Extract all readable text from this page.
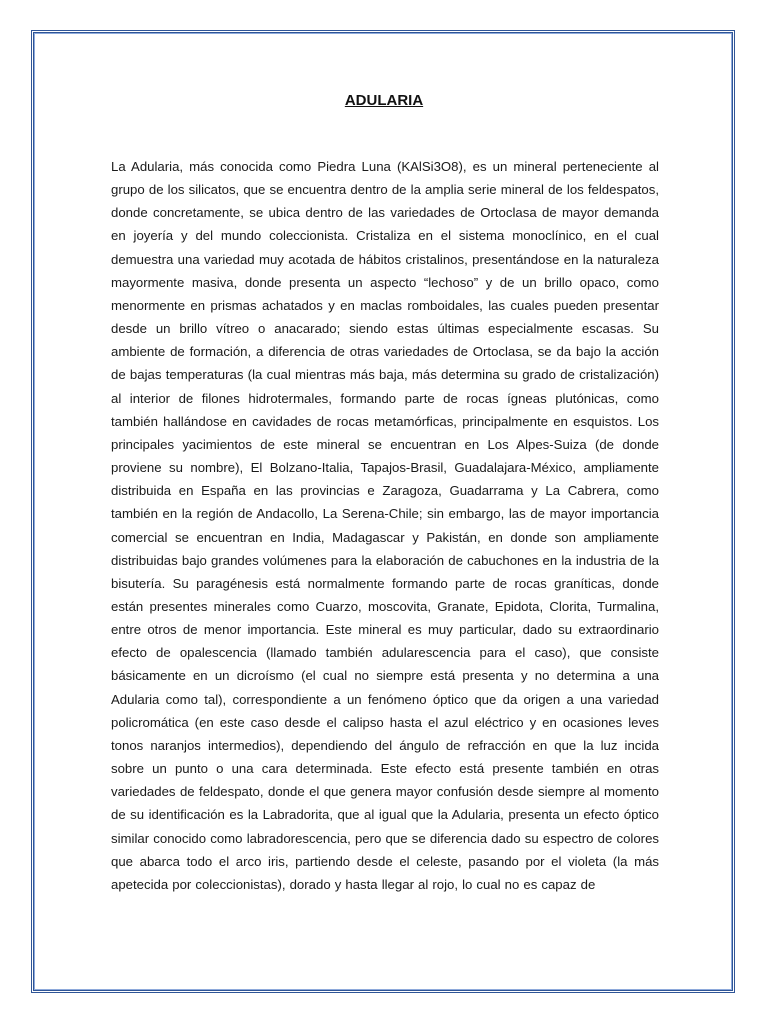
ADULARIA

La Adularia, más conocida como Piedra Luna (KAlSi3O8), es un mineral perteneciente al grupo de los silicatos, que se encuentra dentro de la amplia serie mineral de los feldespatos, donde concretamente, se ubica dentro de las variedades de Ortoclasa de mayor demanda en joyería y del mundo coleccionista. Cristaliza en el sistema monoclínico, en el cual demuestra una variedad muy acotada de hábitos cristalinos, presentándose en la naturaleza mayormente masiva, donde presenta un aspecto “lechoso” y de un brillo opaco, como menormente en prismas achatados y en maclas romboidales, las cuales pueden presentar desde un brillo vítreo o anacarado; siendo estas últimas especialmente escasas. Su ambiente de formación, a diferencia de otras variedades de Ortoclasa, se da bajo la acción de bajas temperaturas (la cual mientras más baja, más determina su grado de cristalización) al interior de filones hidrotermales, formando parte de rocas ígneas plutónicas, como también hallándose en cavidades de rocas metamórficas, principalmente en esquistos. Los principales yacimientos de este mineral se encuentran en Los Alpes-Suiza (de donde proviene su nombre), El Bolzano-Italia, Tapajos-Brasil, Guadalajara-México, ampliamente distribuida en España en las provincias e Zaragoza, Guadarrama y La Cabrera, como también en la región de Andacollo, La Serena-Chile; sin embargo, las de mayor importancia comercial se encuentran en India, Madagascar y Pakistán, en donde son ampliamente distribuidas bajo grandes volúmenes para la elaboración de cabuchones en la industria de la bisutería. Su paragénesis está normalmente formando parte de rocas graníticas, donde están presentes minerales como Cuarzo, moscovita, Granate, Epidota, Clorita, Turmalina, entre otros de menor importancia. Este mineral es muy particular, dado su extraordinario efecto de opalescencia (llamado también adularescencia para el caso), que consiste básicamente en un dicroísmo (el cual no siempre está presenta y no determina a una Adularia como tal), correspondiente a un fenómeno óptico que da origen a una variedad policromática (en este caso desde el calipso hasta el azul eléctrico y en ocasiones leves tonos naranjos intermedios), dependiendo del ángulo de refracción en que la luz incida sobre un punto o una cara determinada. Este efecto está presente también en otras variedades de feldespato, donde el que genera mayor confusión desde siempre al momento de su identificación es la Labradorita, que al igual que la Adularia, presenta un efecto óptico similar conocido como labradorescencia, pero que se diferencia dado su espectro de colores que abarca todo el arco iris, partiendo desde el celeste, pasando por el violeta (la más apetecida por coleccionistas), dorado y hasta llegar al rojo, lo cual no es capaz de
